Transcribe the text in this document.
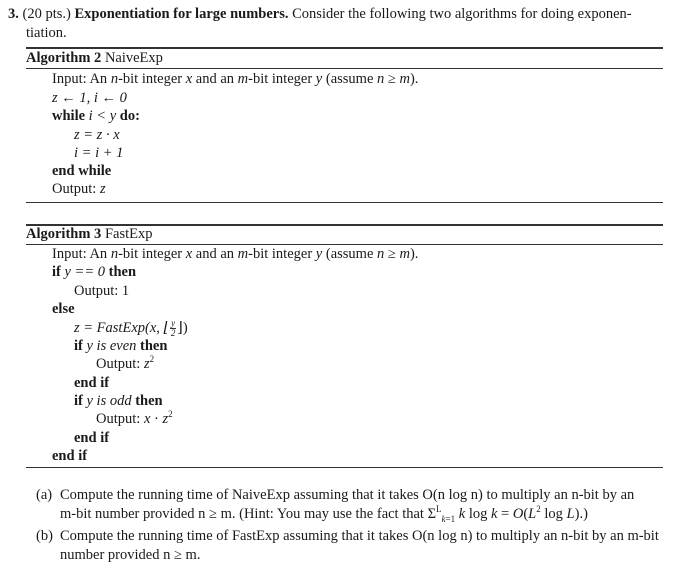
3. (20 pts.) Exponentiation for large numbers. Consider the following two algorithms for doing exponen-
tiation.
Algorithm 2 NaiveExp
Input: An n-bit integer x and an m-bit integer y (assume n ≥ m).
z ← 1, i ← 0
while i < y do:
z = z · x
i = i + 1
end while
Output: z
Algorithm 3 FastExp
Input: An n-bit integer x and an m-bit integer y (assume n ≥ m).
if y == 0 then
Output: 1
else
z = FastExp(x, ⌊ $\frac{y}{2}$ ⌋)
if y is even then
Output: $z^2$
end if
if y is odd then
Output: $x \cdot z^2$
end if
end if
(a) Compute the running time of NaiveExp assuming that it takes O(n log n) to multiply an n-bit by an
m-bit number provided n ≥ m. (Hint: You may use the fact that $\Sigma^L_{k=1}$ k $\log k = O(L^2$ log L).)
(b) Compute the running time of FastExp assuming that it takes O(n log n) to multiply an n-bit by an m-bit
number provided n ≥ m.
